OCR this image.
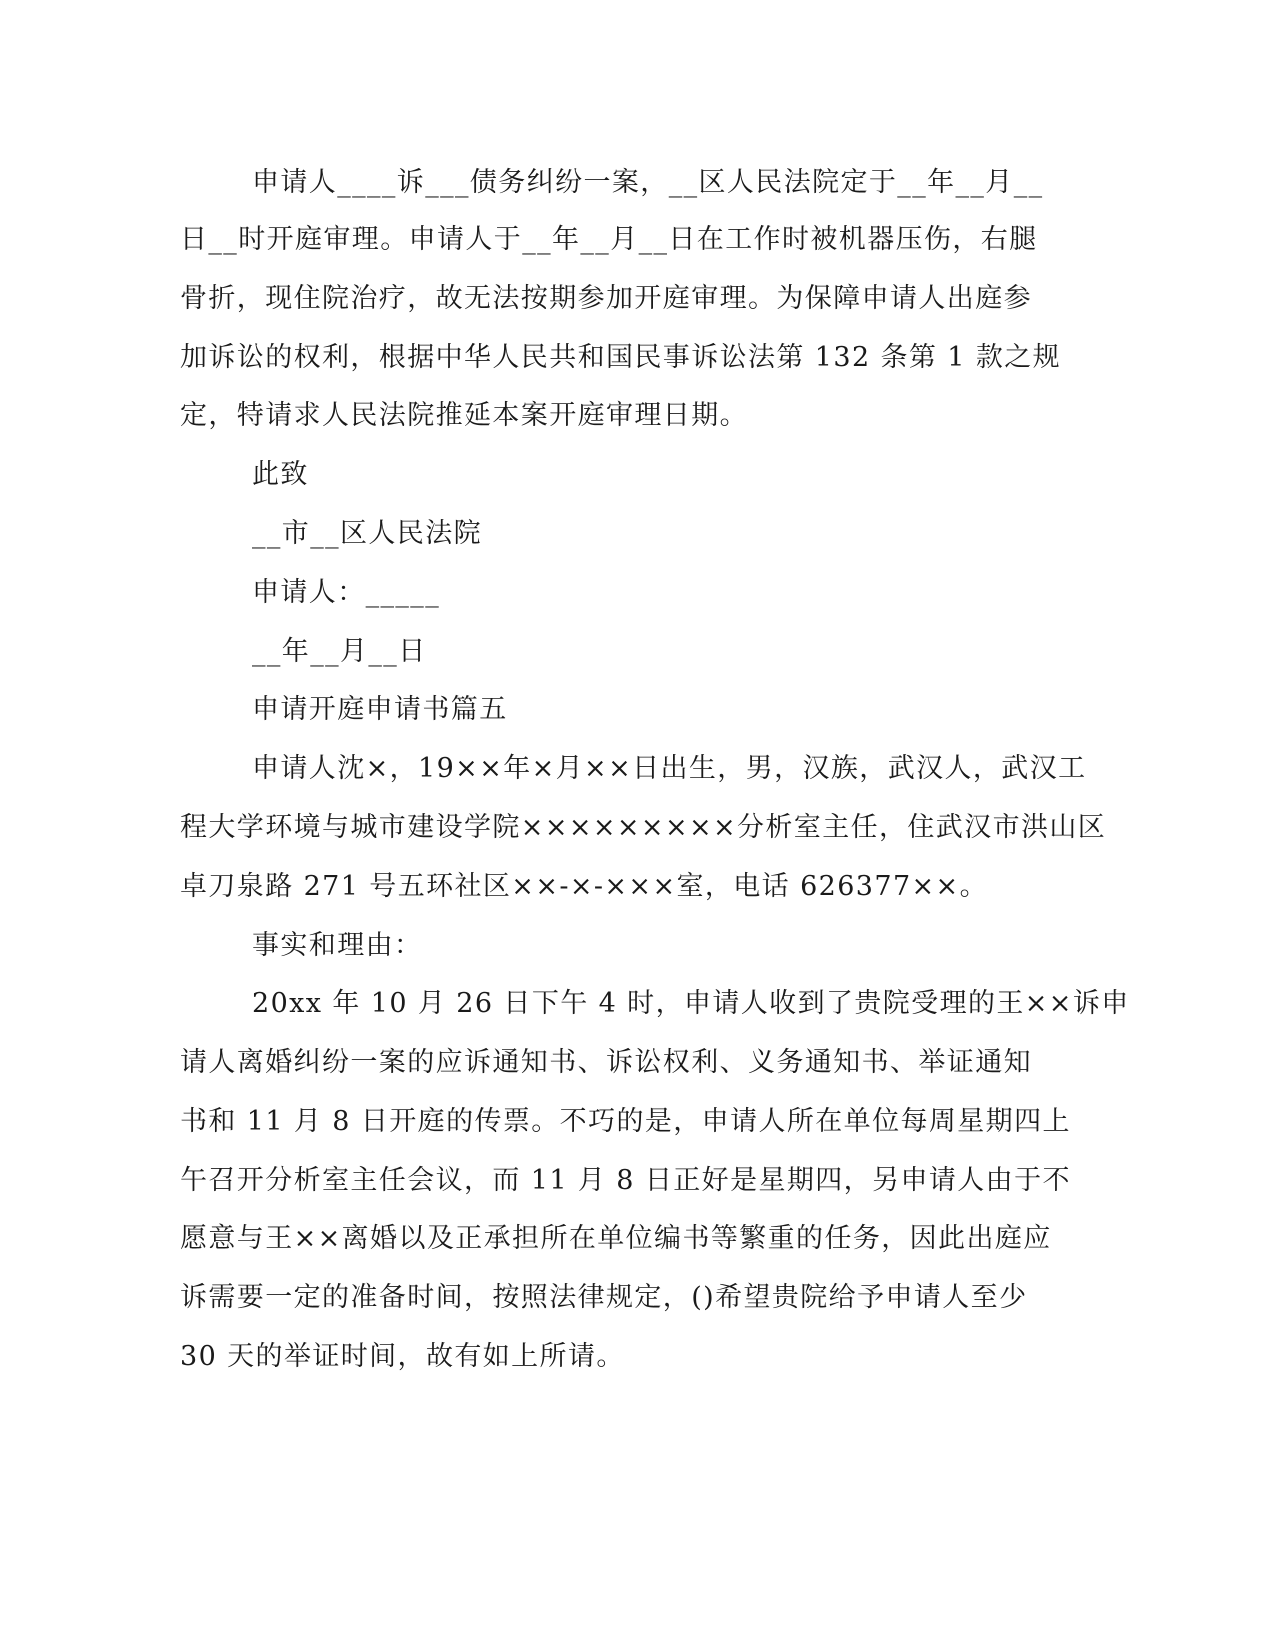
申请人____诉___债务纠纷一案，__区人民法院定于__年__月__
日__时开庭审理。申请人于__年__月__日在工作时被机器压伤，右腿
骨折，现住院治疗，故无法按期参加开庭审理。为保障申请人出庭参
加诉讼的权利，根据中华人民共和国民事诉讼法第 132 条第 1 款之规
定，特请求人民法院推延本案开庭审理日期。
此致
__市__区人民法院
申请人：_____
__年__月__日
申请开庭申请书篇五
申请人沈×，19××年×月××日出生，男，汉族，武汉人，武汉工
程大学环境与城市建设学院×××××××××分析室主任，住武汉市洪山区
卓刀泉路 271 号五环社区××-×-×××室，电话 626377××。
事实和理由：
20xx 年 10 月 26 日下午 4 时，申请人收到了贵院受理的王××诉申
请人离婚纠纷一案的应诉通知书、诉讼权利、义务通知书、举证通知
书和 11 月 8 日开庭的传票。不巧的是，申请人所在单位每周星期四上
午召开分析室主任会议，而 11 月 8 日正好是星期四，另申请人由于不
愿意与王××离婚以及正承担所在单位编书等繁重的任务，因此出庭应
诉需要一定的准备时间，按照法律规定，()希望贵院给予申请人至少
30 天的举证时间，故有如上所请。
